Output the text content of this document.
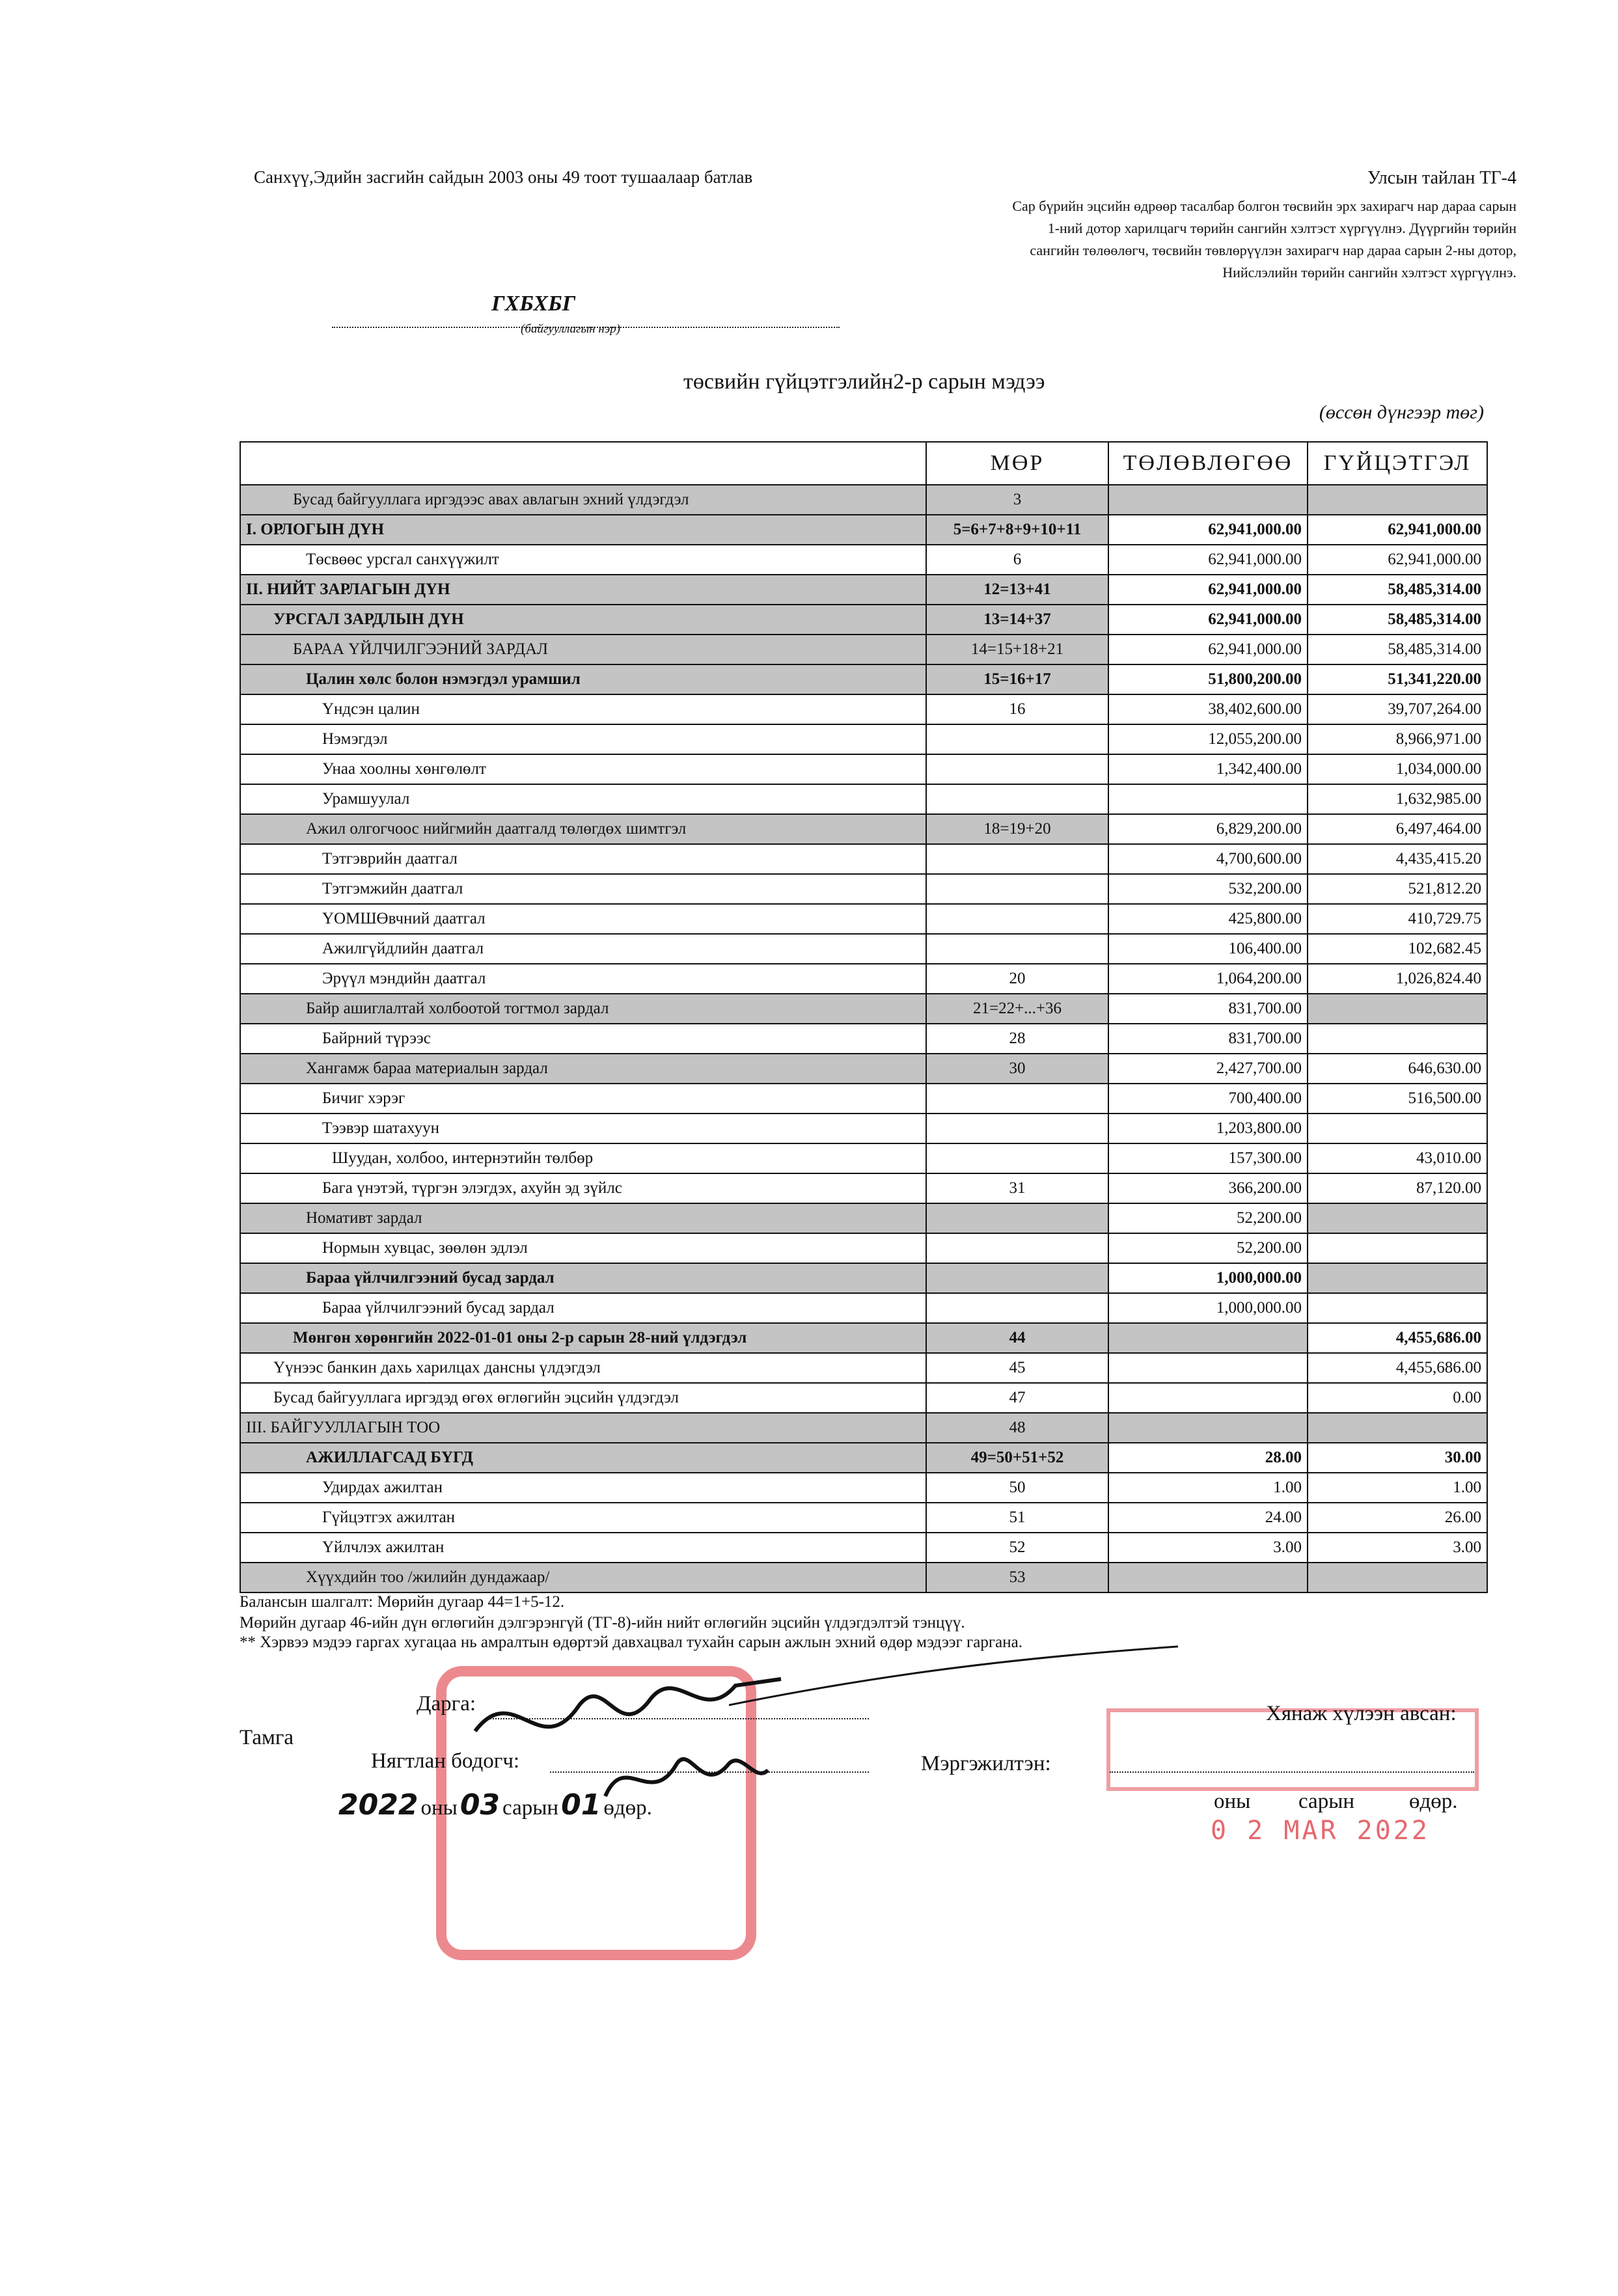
Санхүү,Эдийн засгийн сайдын 2003 оны 49 тоот тушаалаар батлав	Улсын тайлан ТГ-4
Сар бүрийн эцсийн өдрөөр тасалбар болгон төсвийн эрх захирагч нар дараа сарын
1-ний дотор харилцагч төрийн сангийн хэлтэст хүргүүлнэ. Дүүргийн төрийн
сангийн төлөөлөгч, төсвийн төвлөрүүлэн захирагч нар дараа сарын 2-ны дотор,
Нийслэлийн төрийн сангийн хэлтэст хүргүүлнэ.
ГХБХБГ
(байгууллагын нэр)
төсвийн гүйцэтгэлийн2-р сарын мэдээ
(өссөн дүнгээр төг)
	МӨР	ТӨЛӨВЛӨГӨӨ	ГҮЙЦЭТГЭЛ
Бусад байгууллага иргэдээс авах авлагын эхний үлдэгдэл	3		
I. ОРЛОГЫН ДҮН	5=6+7+8+9+10+11	62,941,000.00	62,941,000.00
Төсвөөс урсгал санхүүжилт	6	62,941,000.00	62,941,000.00
II. НИЙТ ЗАРЛАГЫН ДҮН	12=13+41	62,941,000.00	58,485,314.00
УРСГАЛ ЗАРДЛЫН ДҮН	13=14+37	62,941,000.00	58,485,314.00
БАРАА ҮЙЛЧИЛГЭЭНИЙ ЗАРДАЛ	14=15+18+21	62,941,000.00	58,485,314.00
Цалин хөлс болон нэмэгдэл урамшил	15=16+17	51,800,200.00	51,341,220.00
Үндсэн цалин	16	38,402,600.00	39,707,264.00
Нэмэгдэл		12,055,200.00	8,966,971.00
Унаа хоолны хөнгөлөлт		1,342,400.00	1,034,000.00
Урамшуулал			1,632,985.00
Ажил олгогчоос нийгмийн даатгалд төлөгдөх шимтгэл	18=19+20	6,829,200.00	6,497,464.00
Тэтгэврийн даатгал		4,700,600.00	4,435,415.20
Тэтгэмжийн даатгал		532,200.00	521,812.20
ҮОМШӨвчний даатгал		425,800.00	410,729.75
Ажилгүйдлийн даатгал		106,400.00	102,682.45
Эрүүл мэндийн даатгал	20	1,064,200.00	1,026,824.40
Байр ашиглалтай холбоотой тогтмол зардал	21=22+...+36	831,700.00	
Байрний түрээс	28	831,700.00	
Хангамж бараа материалын зардал	30	2,427,700.00	646,630.00
Бичиг хэрэг		700,400.00	516,500.00
Тээвэр шатахуун		1,203,800.00	
Шуудан, холбоо, интернэтийн төлбөр		157,300.00	43,010.00
Бага үнэтэй, түргэн элэгдэх, ахуйн эд зүйлс	31	366,200.00	87,120.00
Номативт зардал		52,200.00	
Нормын хувцас, зөөлөн эдлэл		52,200.00	
Бараа үйлчилгээний бусад зардал		1,000,000.00	
Бараа үйлчилгээний бусад зардал		1,000,000.00	
Мөнгөн хөрөнгийн 2022-01-01 оны 2-р сарын 28-ний үлдэгдэл	44		4,455,686.00
Үүнээс банкин дахь харилцах дансны үлдэгдэл	45		4,455,686.00
Бусад байгууллага иргэдэд өгөх өглөгийн эцсийн үлдэгдэл	47		0.00
III. БАЙГУУЛЛАГЫН ТОО	48		
АЖИЛЛАГСАД БҮГД	49=50+51+52	28.00	30.00
Удирдах ажилтан	50	1.00	1.00
Гүйцэтгэх ажилтан	51	24.00	26.00
Үйлчлэх ажилтан	52	3.00	3.00
Хүүхдийн тоо /жилийн дундажаар/	53		
Балансын шалгалт: Мөрийн дугаар 44=1+5-12.
Мөрийн дугаар 46-ийн дүн өглөгийн дэлгэрэнгүй (ТГ-8)-ийн нийт өглөгийн эцсийн үлдэгдэлтэй тэнцүү.
** Хэрвээ мэдээ гаргах хугацаа нь амралтын өдөртэй давхацвал тухайн сарын ажлын эхний өдөр мэдээг гаргана.
0 2 MAR 2022
Тамга
Дарга:
Нягтлан бодогч:
2022 оны 03 сарын 01 өдөр.
Хянаж хүлээн авсан:
Мэргэжилтэн:
оны сарын	өдөр.
